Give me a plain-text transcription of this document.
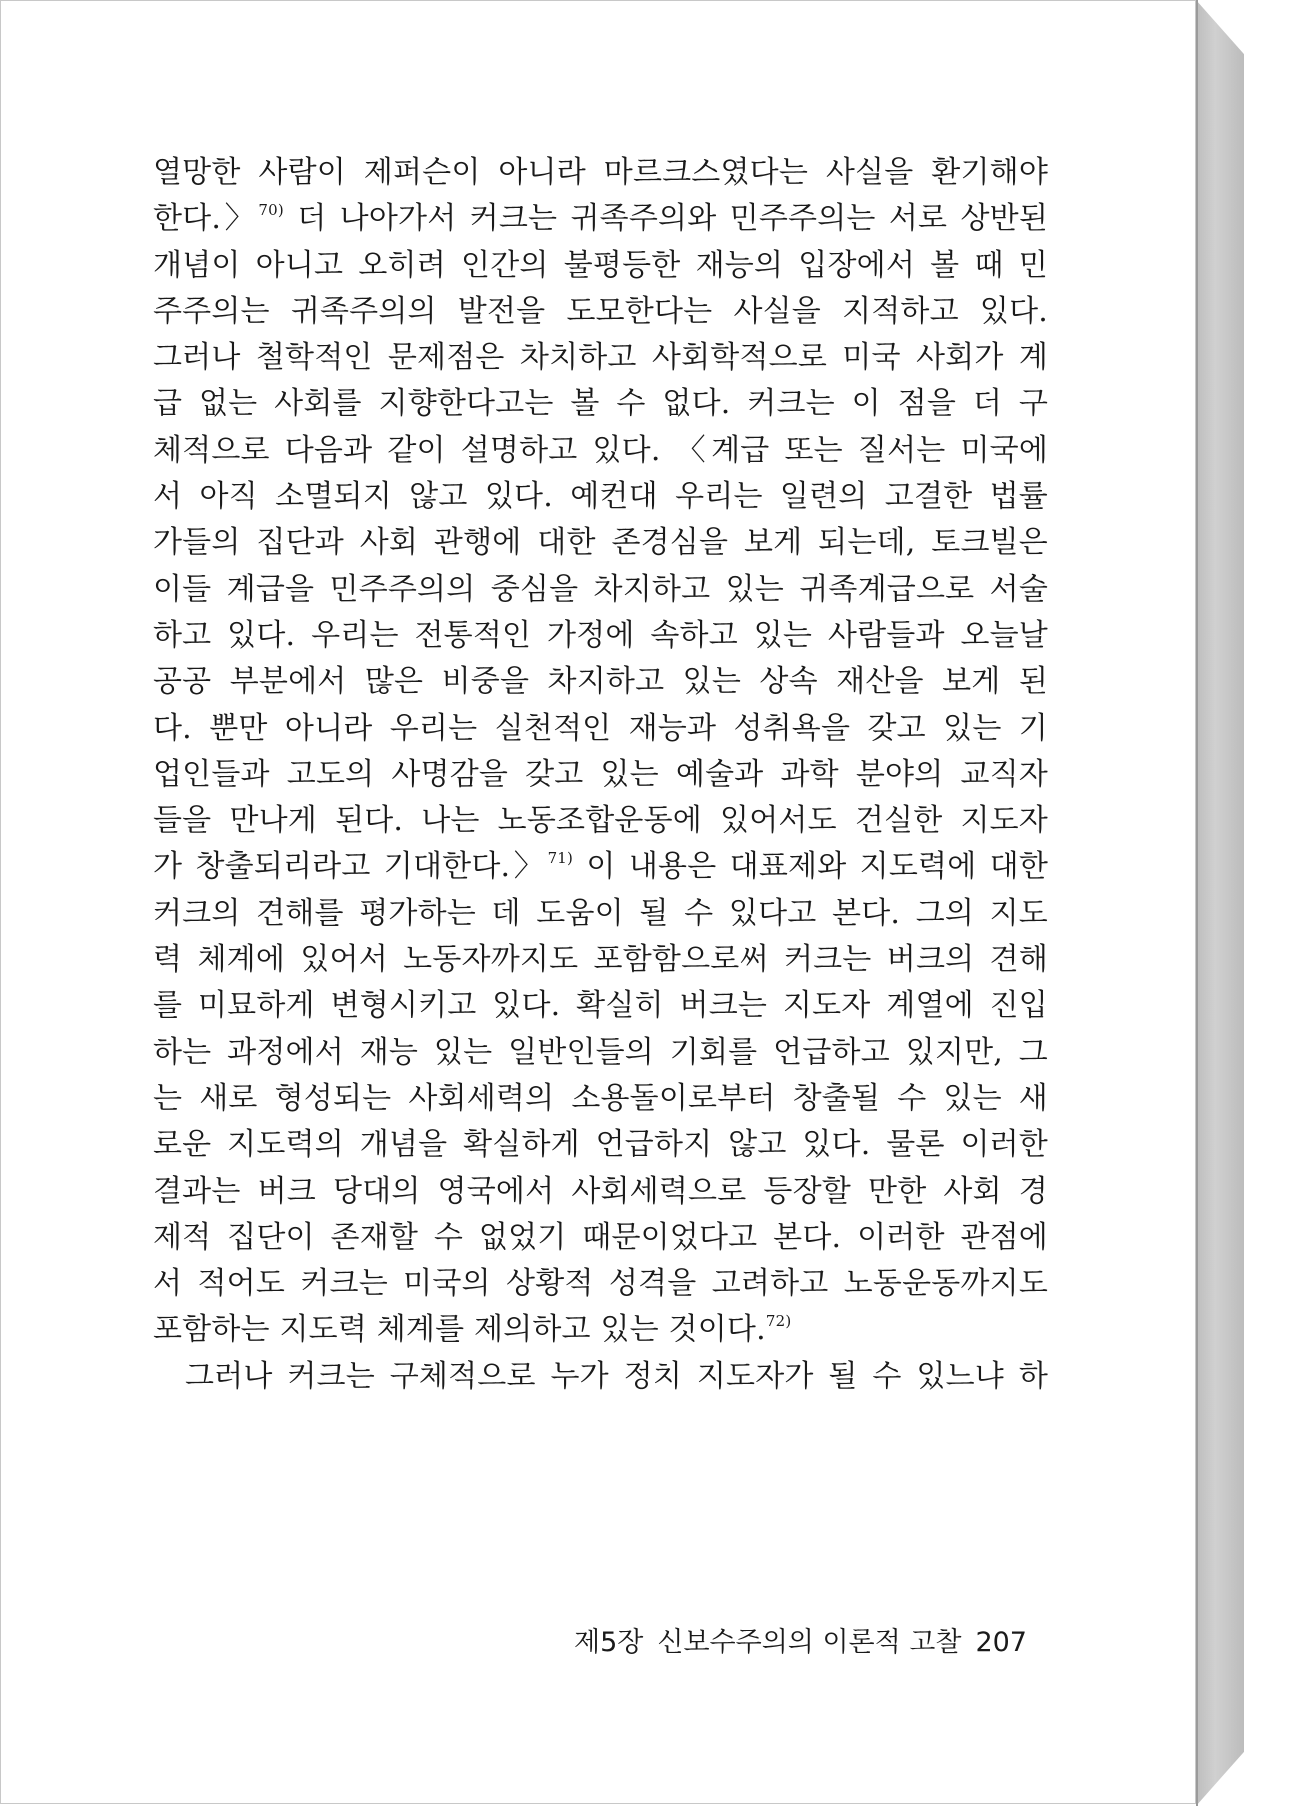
열망한 사람이 제퍼슨이 아니라 마르크스였다는 사실을 환기해야
한다.〉$^{70)}$ 더 나아가서 커크는 귀족주의와 민주주의는 서로 상반된
개념이 아니고 오히려 인간의 불평등한 재능의 입장에서 볼 때 민
주주의는 귀족주의의 발전을 도모한다는 사실을 지적하고 있다.
그러나 철학적인 문제점은 차치하고 사회학적으로 미국 사회가 계
급 없는 사회를 지향한다고는 볼 수 없다. 커크는 이 점을 더 구
체적으로 다음과 같이 설명하고 있다. 〈계급 또는 질서는 미국에
서 아직 소멸되지 않고 있다. 예컨대 우리는 일련의 고결한 법률
가들의 집단과 사회 관행에 대한 존경심을 보게 되는데, 토크빌은
이들 계급을 민주주의의 중심을 차지하고 있는 귀족계급으로 서술
하고 있다. 우리는 전통적인 가정에 속하고 있는 사람들과 오늘날
공공 부분에서 많은 비중을 차지하고 있는 상속 재산을 보게 된
다. 뿐만 아니라 우리는 실천적인 재능과 성취욕을 갖고 있는 기
업인들과 고도의 사명감을 갖고 있는 예술과 과학 분야의 교직자
들을 만나게 된다. 나는 노동조합운동에 있어서도 건실한 지도자
가 창출되리라고 기대한다.〉$^{71)}$ 이 내용은 대표제와 지도력에 대한
커크의 견해를 평가하는 데 도움이 될 수 있다고 본다. 그의 지도
력 체계에 있어서 노동자까지도 포함함으로써 커크는 버크의 견해
를 미묘하게 변형시키고 있다. 확실히 버크는 지도자 계열에 진입
하는 과정에서 재능 있는 일반인들의 기회를 언급하고 있지만, 그
는 새로 형성되는 사회세력의 소용돌이로부터 창출될 수 있는 새
로운 지도력의 개념을 확실하게 언급하지 않고 있다. 물론 이러한
결과는 버크 당대의 영국에서 사회세력으로 등장할 만한 사회 경
제적 집단이 존재할 수 없었기 때문이었다고 본다. 이러한 관점에
서 적어도 커크는 미국의 상황적 성격을 고려하고 노동운동까지도
포함하는 지도력 체계를 제의하고 있는 것이다.$^{72)}$
그러나 커크는 구체적으로 누가 정치 지도자가 될 수 있느냐 하
제5장 신보수주의의 이론적 고찰 207
